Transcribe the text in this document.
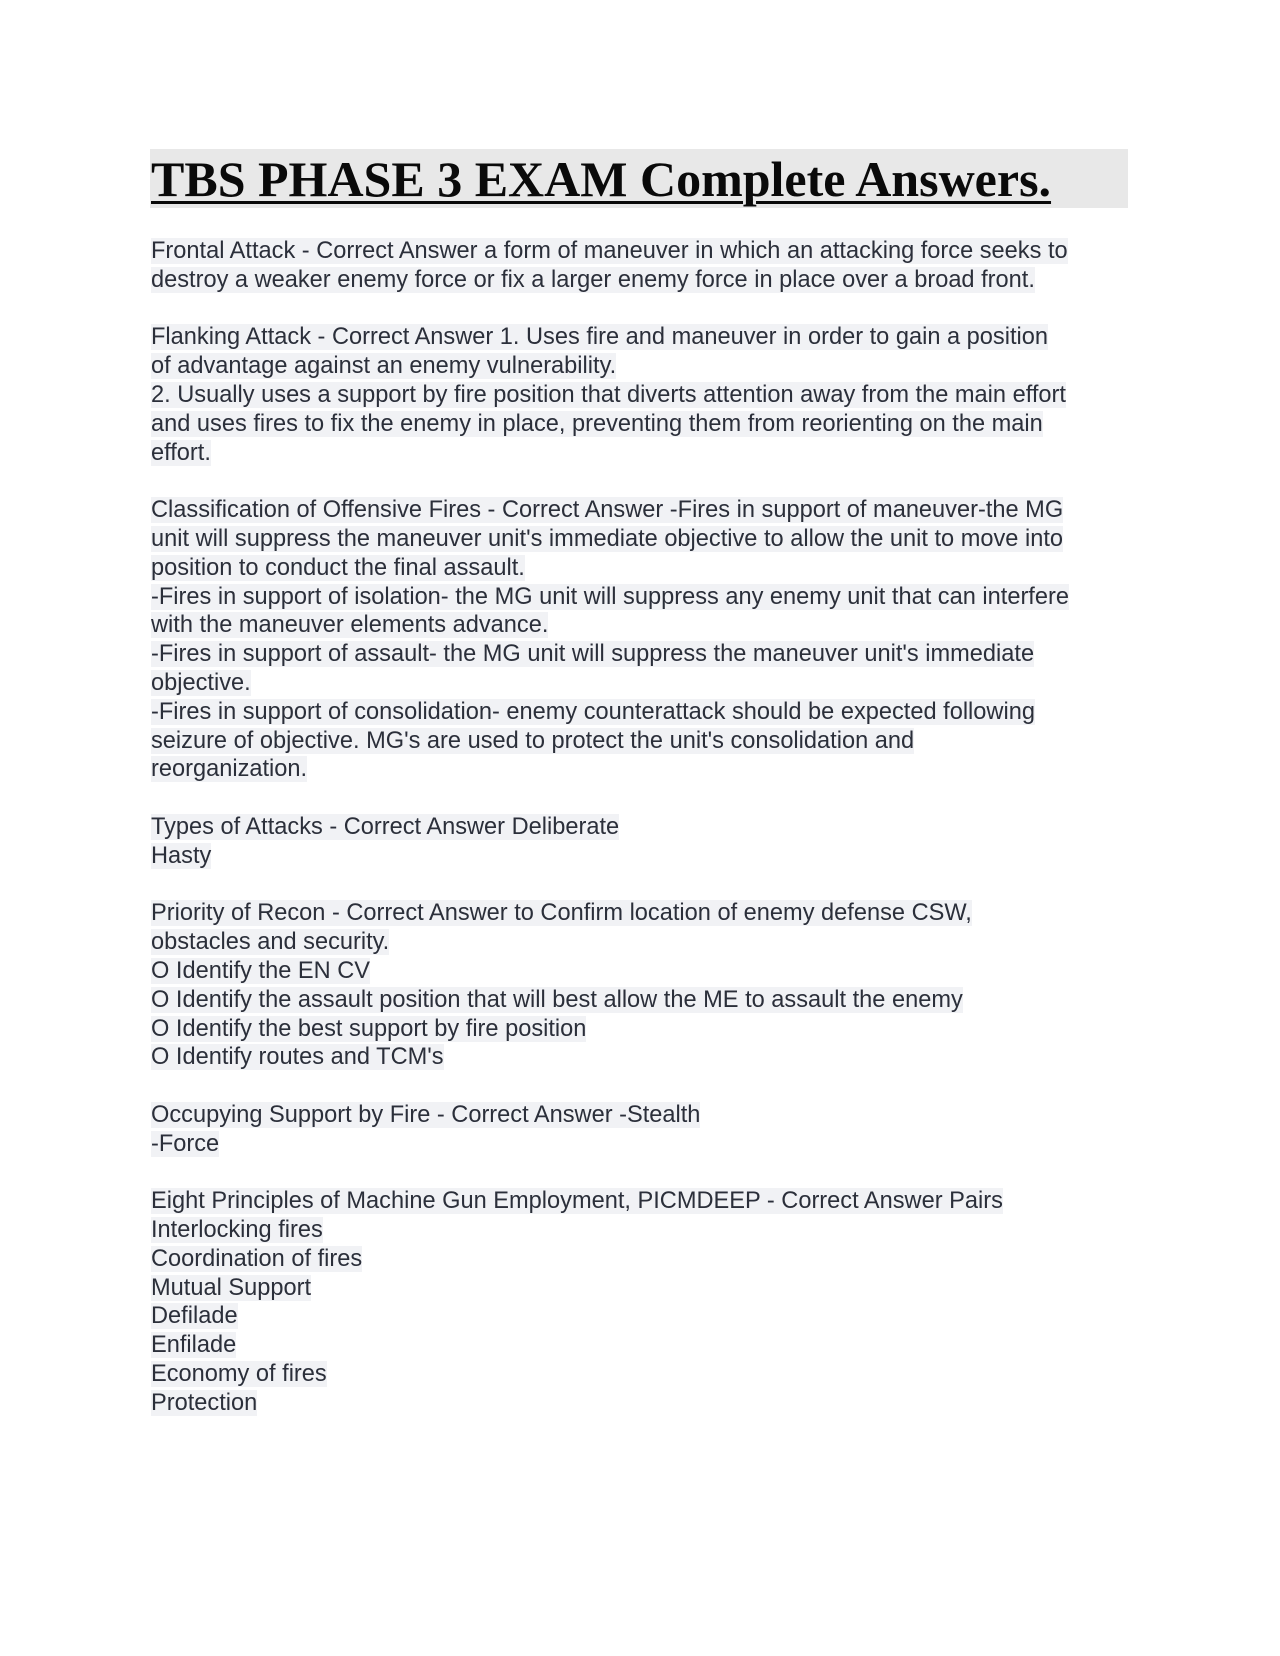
TBS PHASE 3 EXAM Complete Answers.
Frontal Attack - Correct Answer a form of maneuver in which an attacking force seeks to
destroy a weaker enemy force or fix a larger enemy force in place over a broad front.
Flanking Attack - Correct Answer 1. Uses fire and maneuver in order to gain a position
of advantage against an enemy vulnerability.
2. Usually uses a support by fire position that diverts attention away from the main effort
and uses fires to fix the enemy in place, preventing them from reorienting on the main
effort.
Classification of Offensive Fires - Correct Answer -Fires in support of maneuver-the MG
unit will suppress the maneuver unit's immediate objective to allow the unit to move into
position to conduct the final assault.
-Fires in support of isolation- the MG unit will suppress any enemy unit that can interfere
with the maneuver elements advance.
-Fires in support of assault- the MG unit will suppress the maneuver unit's immediate
objective.
-Fires in support of consolidation- enemy counterattack should be expected following
seizure of objective. MG's are used to protect the unit's consolidation and
reorganization.
Types of Attacks - Correct Answer Deliberate
Hasty
Priority of Recon - Correct Answer to Confirm location of enemy defense CSW,
obstacles and security.
O Identify the EN CV
O Identify the assault position that will best allow the ME to assault the enemy
O Identify the best support by fire position
O Identify routes and TCM's
Occupying Support by Fire - Correct Answer -Stealth
-Force
Eight Principles of Machine Gun Employment, PICMDEEP - Correct Answer Pairs
Interlocking fires
Coordination of fires
Mutual Support
Defilade
Enfilade
Economy of fires
Protection
